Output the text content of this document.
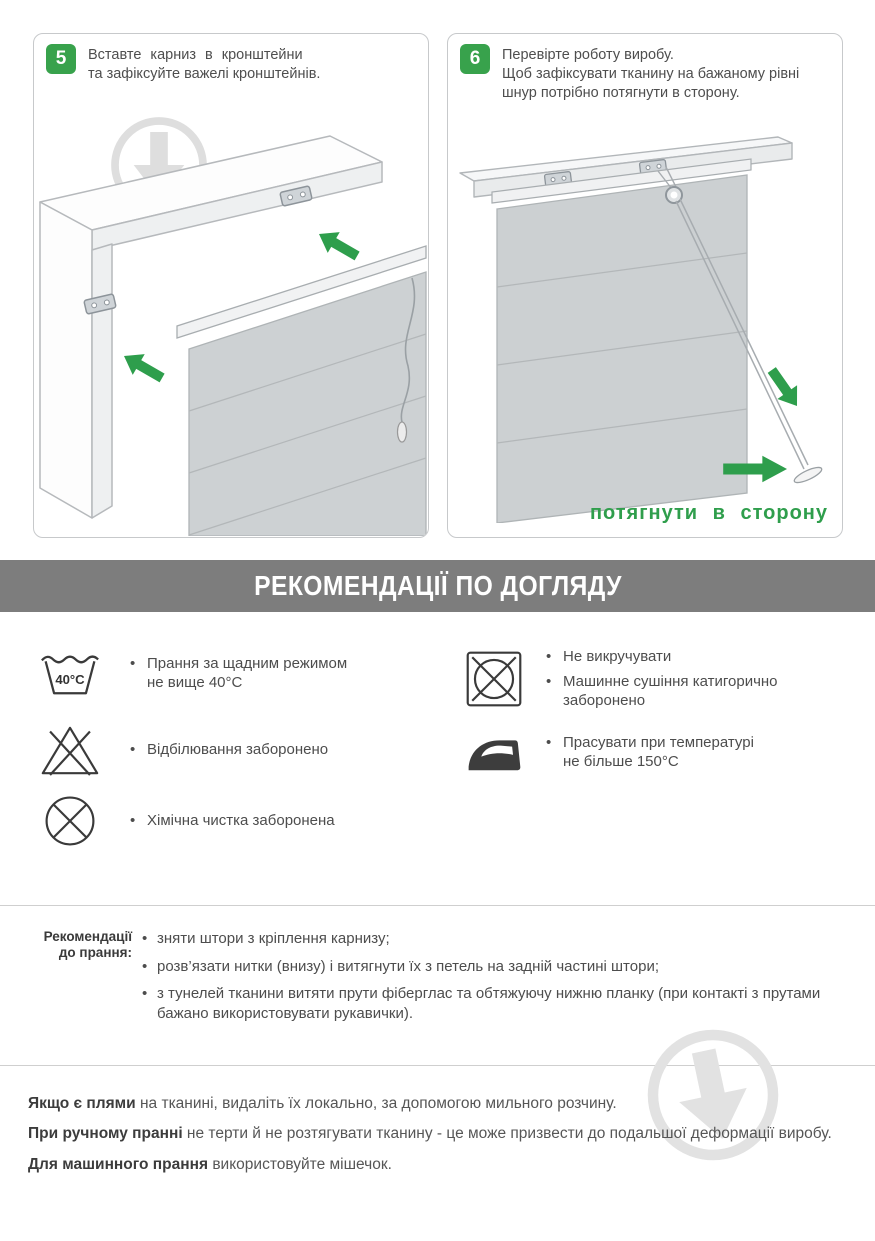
5	Вставте карниз в кронштейни
та зафіксуйте важелі кронштейнів.
6	Перевірте роботу виробу.
Щоб зафіксувати тканину на бажаному рівні
шнур потрібно потягнути в сторону.
потягнути в сторону
РЕКОМЕНДАЦІЇ ПО ДОГЛЯДУ
40°C
• Прання за щадним режимом
не вище 40°С
• Відбілювання заборонено
• Хімічна чистка заборонена
• Не викручувати
• Машинне сушіння катигорично
заборонено
• Прасувати при температурі
не більше 150°С
Рекомендації
до прання:
• зняти штори з кріплення карнизу;
• розв’язати нитки (внизу) і витягнути їх з петель на задній частині штори;
• з тунелей тканини витяти прути фіберглас та обтяжуючу нижню планку (при контакті з прутами бажано використовувати рукавички).
Якщо є плями на тканині, видаліть їх локально, за допомогою мильного розчину.
При ручному пранні не терти й не розтягувати тканину - це може призвести до подальшої деформації виробу.
Для машинного прання використовуйте мішечок.
